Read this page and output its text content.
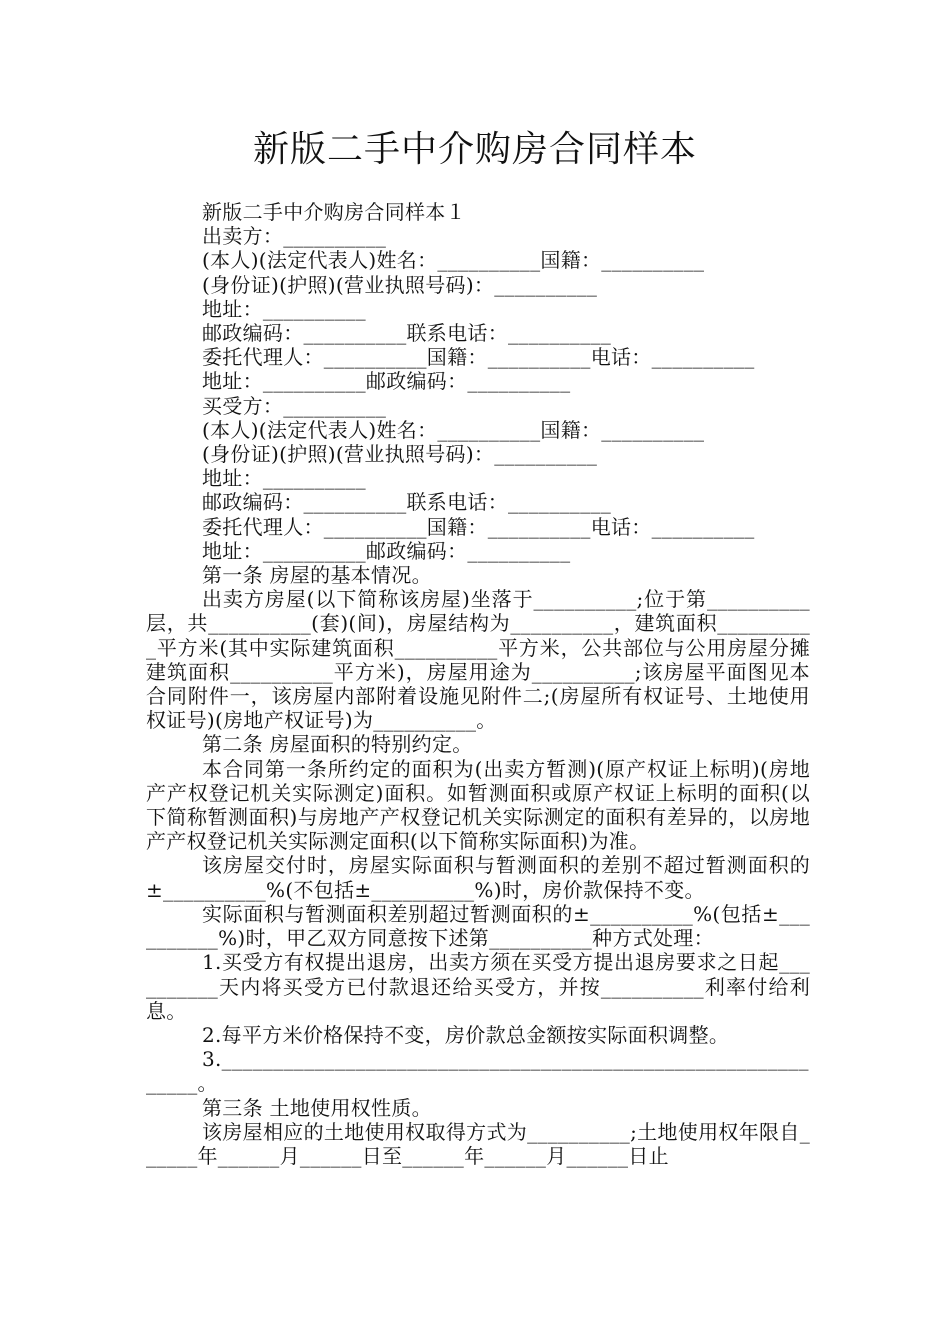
新版二手中介购房合同样本

新版二手中介购房合同样本１

出卖方：__________

(本人)(法定代表人)姓名：__________国籍：__________

(身份证)(护照)(营业执照号码)：__________

地址：__________

邮政编码：__________联系电话：__________

委托代理人：__________国籍：__________电话：__________

地址：__________邮政编码：__________

买受方：__________

(本人)(法定代表人)姓名：__________国籍：__________

(身份证)(护照)(营业执照号码)：__________

地址：__________

邮政编码：__________联系电话：__________

委托代理人：__________国籍：__________电话：__________

地址：__________邮政编码：__________

第一条 房屋的基本情况。

出卖方房屋(以下简称该房屋)坐落于__________;位于第__________层，共__________(套)(间)，房屋结构为__________，建筑面积__________平方米(其中实际建筑面积__________平方米，公共部位与公用房屋分摊建筑面积__________平方米)，房屋用途为__________;该房屋平面图见本合同附件一，该房屋内部附着设施见附件二;(房屋所有权证号、土地使用权证号)(房地产权证号)为__________。

第二条 房屋面积的特别约定。

本合同第一条所约定的面积为(出卖方暂测)(原产权证上标明)(房地产产权登记机关实际测定)面积。如暂测面积或原产权证上标明的面积(以下简称暂测面积)与房地产产权登记机关实际测定的面积有差异的，以房地产产权登记机关实际测定面积(以下简称实际面积)为准。

该房屋交付时，房屋实际面积与暂测面积的差别不超过暂测面积的±__________%(不包括±__________%)时，房价款保持不变。

实际面积与暂测面积差别超过暂测面积的±__________%(包括±__________%)时，甲乙双方同意按下述第__________种方式处理：

1.买受方有权提出退房，出卖方须在买受方提出退房要求之日起__________天内将买受方已付款退还给买受方，并按__________利率付给利息。

2.每平方米价格保持不变，房价款总金额按实际面积调整。

3.______________________________________________________________。

第三条 土地使用权性质。

该房屋相应的土地使用权取得方式为__________;土地使用权年限自______年______月______日至______年______月______日止
